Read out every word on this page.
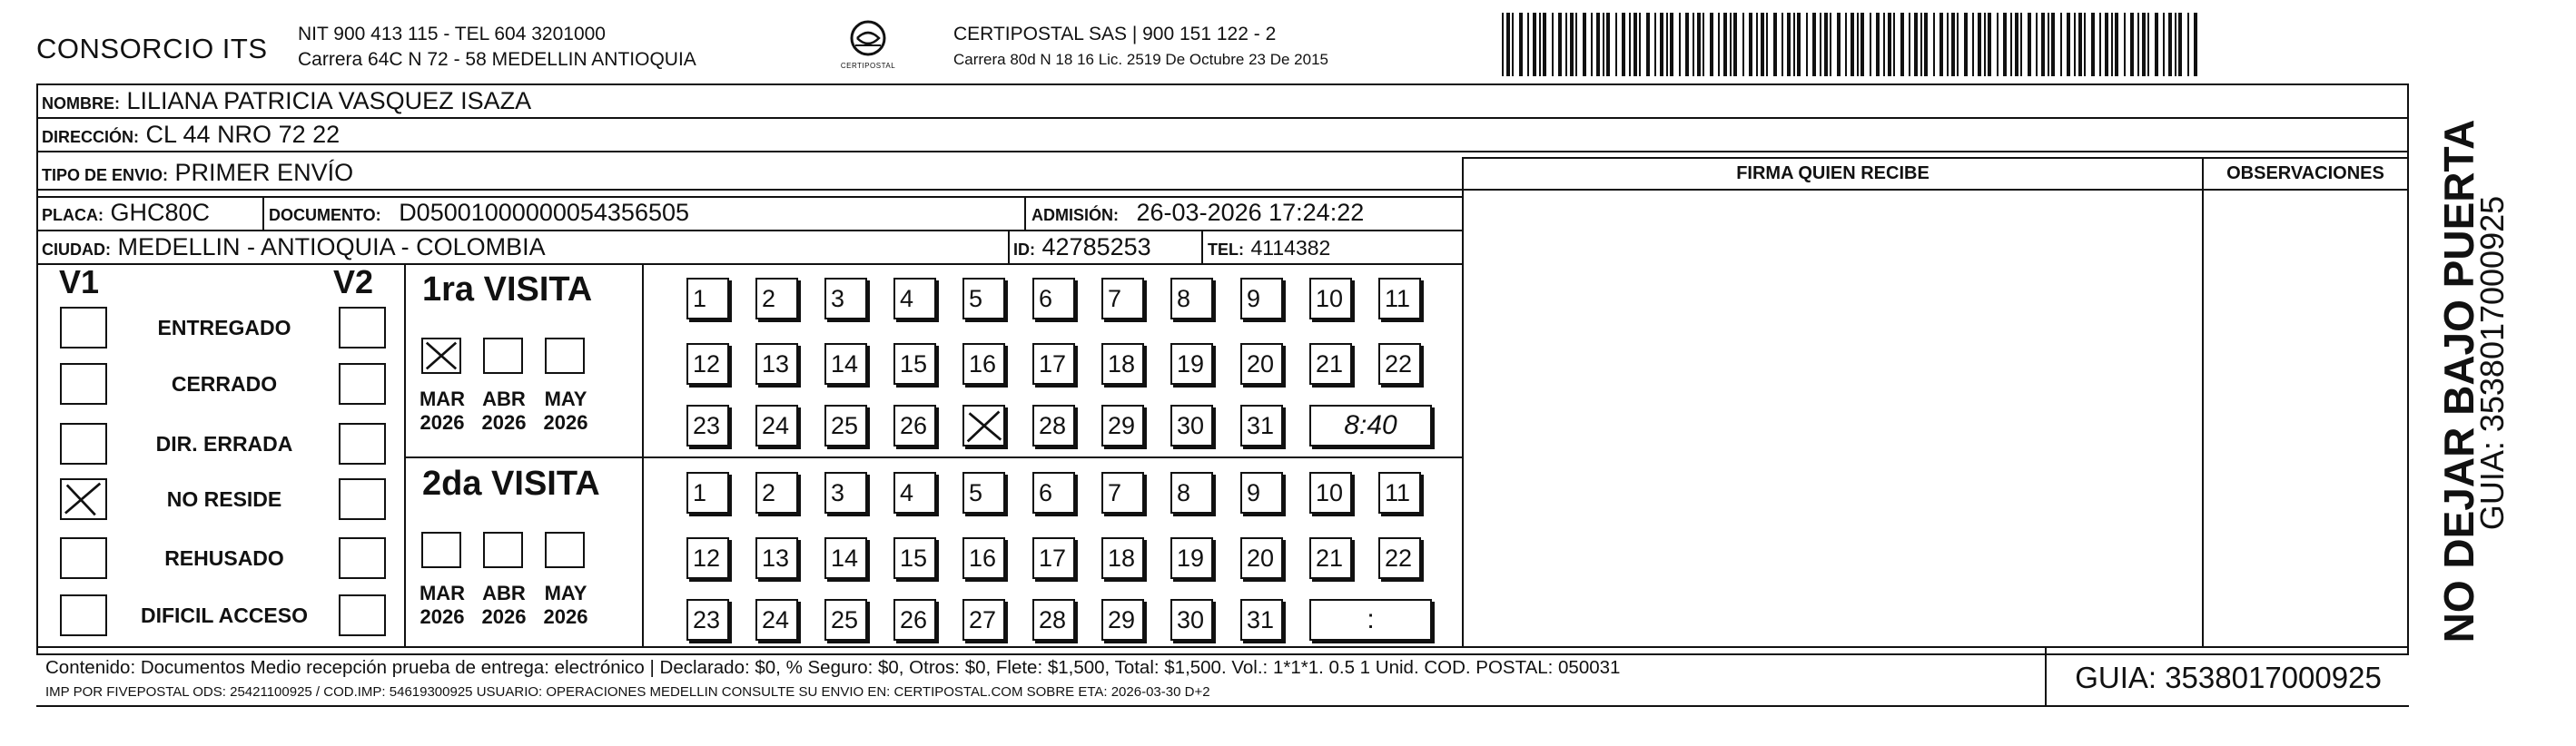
CONSORCIO ITS NIT 900 413 115 - TEL 604 3201000
Carrera 64C N 72 - 58 MEDELLIN ANTIOQUIA	CERTIPOSTAL
CERTIPOSTAL SAS | 900 151 122 - 2
Carrera 80d N 18 16 Lic. 2519 De Octubre 23 De 2015
NOMBRE: LILIANA PATRICIA VASQUEZ ISAZA
DIRECCIÓN: CL 44 NRO 72 22
TIPO DE ENVIO: PRIMER ENVÍO
PLACA: GHC80C	DOCUMENTO: D05001000000054356505	ADMISIÓN: 26-03-2026 17:24:22
CIUDAD: MEDELLIN - ANTIOQUIA - COLOMBIA	ID: 42785253	TEL: 4114382
FIRMA QUIEN RECIBE	OBSERVACIONES
V1	V2
ENTREGADO
CERRADO
DIR. ERRADA
NO RESIDE
REHUSADO
DIFICIL ACCESO
1ra VISITA
2da VISITA
MAR
2026
ABR
2026
MAY
2026
1	2	3	4	5	6	7	8	9	10	11
12	13	14	15	16	17	18	19	20	21	22
23	24	25	26	28	29	30	31	8:40
MAR
2026
ABR
2026
MAY
2026
1	2	3	4	5	6	7	8	9	10	11
12	13	14	15	16	17	18	19	20	21	22
23	24	25	26	27	28	29	30	31	:
Contenido: Documentos Medio recepción prueba de entrega: electrónico | Declarado: $0, % Seguro: $0, Otros: $0, Flete: $1,500, Total: $1,500. Vol.: 1*1*1. 0.5 1 Unid. COD. POSTAL: 050031
IMP POR FIVEPOSTAL ODS: 25421100925 / COD.IMP: 54619300925 USUARIO: OPERACIONES MEDELLIN CONSULTE SU ENVIO EN: CERTIPOSTAL.COM SOBRE ETA: 2026-03-30 D+2	GUIA: 3538017000925
NO DEJAR BAJO PUERTA
GUIA: 3538017000925
